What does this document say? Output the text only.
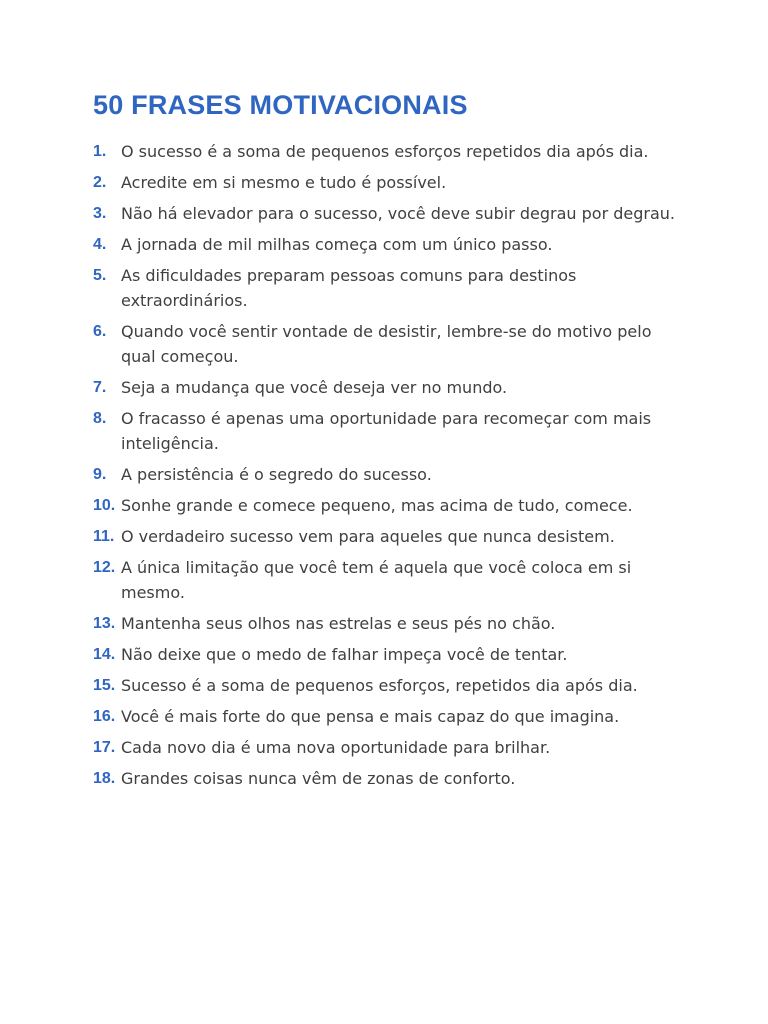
50 FRASES MOTIVACIONAIS
1. O sucesso é a soma de pequenos esforços repetidos dia após dia.
2. Acredite em si mesmo e tudo é possível.
3. Não há elevador para o sucesso, você deve subir degrau por degrau.
4. A jornada de mil milhas começa com um único passo.
5. As dificuldades preparam pessoas comuns para destinos extraordinários.
6. Quando você sentir vontade de desistir, lembre-se do motivo pelo qual começou.
7. Seja a mudança que você deseja ver no mundo.
8. O fracasso é apenas uma oportunidade para recomeçar com mais inteligência.
9. A persistência é o segredo do sucesso.
10. Sonhe grande e comece pequeno, mas acima de tudo, comece.
11. O verdadeiro sucesso vem para aqueles que nunca desistem.
12. A única limitação que você tem é aquela que você coloca em si mesmo.
13. Mantenha seus olhos nas estrelas e seus pés no chão.
14. Não deixe que o medo de falhar impeça você de tentar.
15. Sucesso é a soma de pequenos esforços, repetidos dia após dia.
16. Você é mais forte do que pensa e mais capaz do que imagina.
17. Cada novo dia é uma nova oportunidade para brilhar.
18. Grandes coisas nunca vêm de zonas de conforto.
